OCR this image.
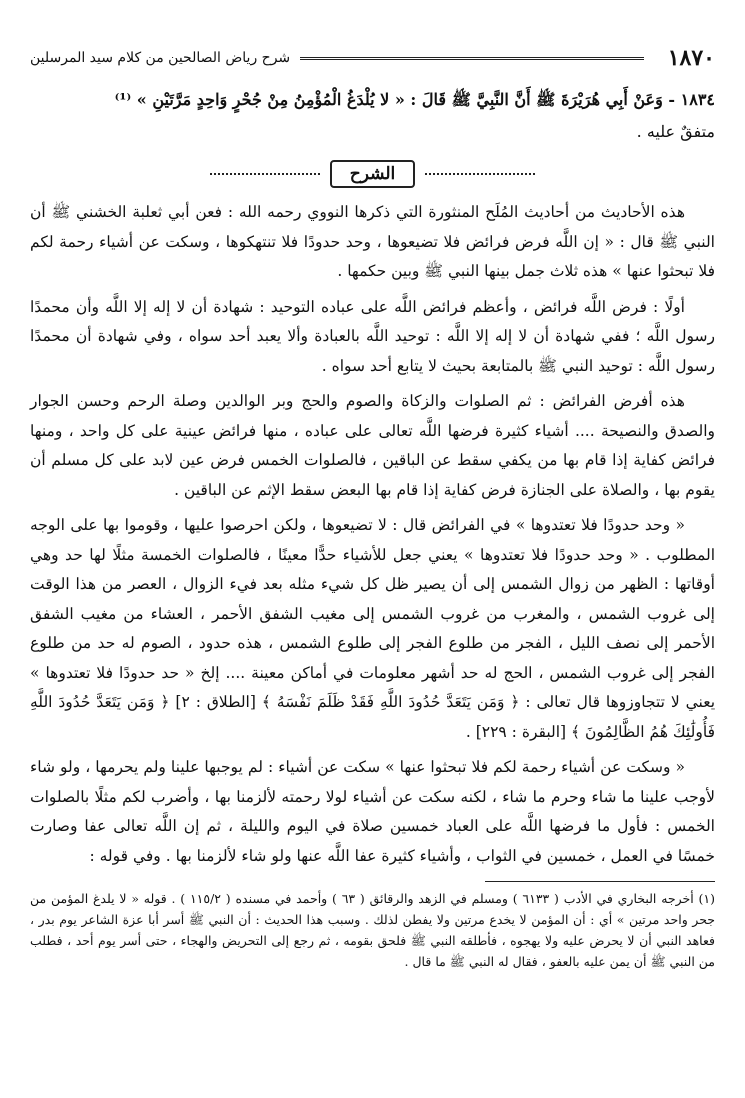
١٨٧٠
شرح رياض الصالحين من كلام سيد المرسلين
١٨٣٤ - وَعَنْ أَبِي هُرَيْرَةَ ﷺ أَنَّ النَّبِيَّ ﷺ قَالَ : « لا يُلْدَغُ الْمُؤْمِنُ مِنْ جُحْرٍ وَاحِدٍ مَرَّتَيْنِ » ⁽¹⁾
متفقٌ عليه .
الشرح

هذه الأحاديث من أحاديث المُلَح المنثورة التي ذكرها النووي رحمه الله : فعن أبي ثعلبة الخشني ﷺ أن النبي ﷺ قال : « إن اللَّه فرض فرائض فلا تضيعوها ، وحد حدودًا فلا تنتهكوها ، وسكت عن أشياء رحمة لكم فلا تبحثوا عنها » هذه ثلاث جمل بينها النبي ﷺ وبين حكمها .

أولًا : فرض اللَّه فرائض ، وأعظم فرائض اللَّه على عباده التوحيد : شهادة أن لا إله إلا اللَّه وأن محمدًا رسول اللَّه ؛ ففي شهادة أن لا إله إلا اللَّه : توحيد اللَّه بالعبادة وألا يعبد أحد سواه ، وفي شهادة أن محمدًا رسول اللَّه : توحيد النبي ﷺ بالمتابعة بحيث لا يتابع أحد سواه .

هذه أفرض الفرائض : ثم الصلوات والزكاة والصوم والحج وبر الوالدين وصلة الرحم وحسن الجوار والصدق والنصيحة .... أشياء كثيرة فرضها اللَّه تعالى على عباده ، منها فرائض عينية على كل واحد ، ومنها فرائض كفاية إذا قام بها من يكفي سقط عن الباقين ، فالصلوات الخمس فرض عين لابد على كل مسلم أن يقوم بها ، والصلاة على الجنازة فرض كفاية إذا قام بها البعض سقط الإثم عن الباقين .

« وحد حدودًا فلا تعتدوها » في الفرائض قال : لا تضيعوها ، ولكن احرصوا عليها ، وقوموا بها على الوجه المطلوب . « وحد حدودًا فلا تعتدوها » يعني جعل للأشياء حدًّا معينًا ، فالصلوات الخمسة مثلًا لها حد وهي أوقاتها : الظهر من زوال الشمس إلى أن يصير ظل كل شيء مثله بعد فيء الزوال ، العصر من هذا الوقت إلى غروب الشمس ، والمغرب من غروب الشمس إلى مغيب الشفق الأحمر ، العشاء من مغيب الشفق الأحمر إلى نصف الليل ، الفجر من طلوع الفجر إلى طلوع الشمس ، هذه حدود ، الصوم له حد من طلوع الفجر إلى غروب الشمس ، الحج له حد أشهر معلومات في أماكن معينة .... إلخ « حد حدودًا فلا تعتدوها » يعني لا تتجاوزوها قال تعالى : ﴿ وَمَن يَتَعَدَّ حُدُودَ اللَّهِ فَقَدْ ظَلَمَ نَفْسَهُ ﴾ [الطلاق : ٢] ﴿ وَمَن يَتَعَدَّ حُدُودَ اللَّهِ فَأُولَٰئِكَ هُمُ الظَّالِمُونَ ﴾ [البقرة : ٢٢٩] .

« وسكت عن أشياء رحمة لكم فلا تبحثوا عنها » سكت عن أشياء : لم يوجبها علينا ولم يحرمها ، ولو شاء لأوجب علينا ما شاء وحرم ما شاء ، لكنه سكت عن أشياء لولا رحمته لألزمنا بها ، وأضرب لكم مثلًا بالصلوات الخمس : فأول ما فرضها اللَّه على العباد خمسين صلاة في اليوم والليلة ، ثم إن اللَّه تعالى عفا وصارت خمسًا في العمل ، خمسين في الثواب ، وأشياء كثيرة عفا اللَّه عنها ولو شاء لألزمنا بها . وفي قوله :

(١) أخرجه البخاري في الأدب ( ٦١٣٣ ) ومسلم في الزهد والرقائق ( ٦٣ ) وأحمد في مسنده ( ١١٥/٢ ) . قوله « لا يلدغ المؤمن من جحر واحد مرتين » أي : أن المؤمن لا يخدع مرتين ولا يفطن لذلك . وسبب هذا الحديث : أن النبي ﷺ أسر أبا عزة الشاعر يوم بدر ، فعاهد النبي أن لا يحرض عليه ولا يهجوه ، فأطلقه النبي ﷺ فلحق بقومه ، ثم رجع إلى التحريض والهجاء ، حتى أسر يوم أحد ، فطلب من النبي ﷺ أن يمن عليه بالعفو ، فقال له النبي ﷺ ما قال .
